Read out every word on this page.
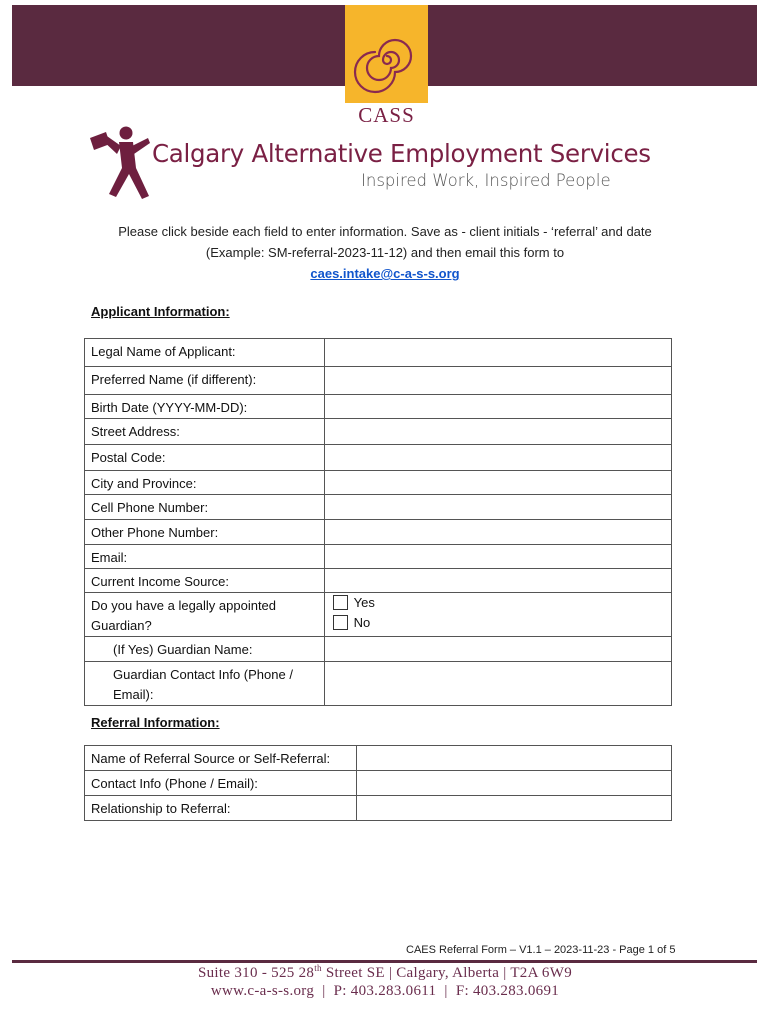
CASS
Calgary Alternative Employment Services
Inspired Work, Inspired People
Please click beside each field to enter information. Save as - client initials - ‘referral’ and date
(Example: SM-referral-2023-11-12) and then email this form to
caes.intake@c-a-s-s.org
Applicant Information:
Legal Name of Applicant:	
Preferred Name (if different):	
Birth Date (YYYY-MM-DD):	
Street Address:	
Postal Code:	
City and Province:	
Cell Phone Number:	
Other Phone Number:	
Email:	
Current Income Source:	
Do you have a legally appointed Guardian?	Yes
No

(If Yes) Guardian Name:	
Guardian Contact Info (Phone / Email):	
Referral Information:
Name of Referral Source or Self-Referral:	
Contact Info (Phone / Email):	
Relationship to Referral:	
CAES Referral Form – V1.1 – 2023-11-23 - Page 1 of 5
Suite 310 - 525 28th Street SE | Calgary, Alberta | T2A 6W9
www.c-a-s-s.org  |  P: 403.283.0611  |  F: 403.283.0691
